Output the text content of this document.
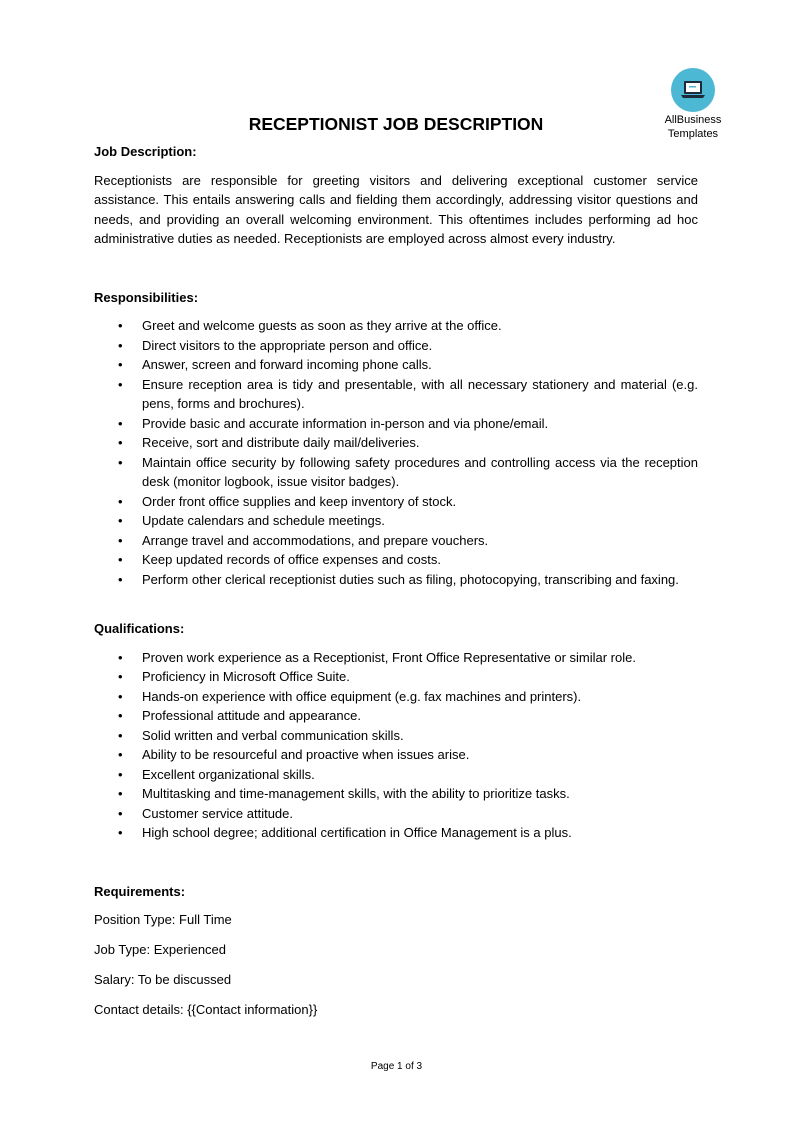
AllBusiness
Templates
RECEPTIONIST JOB DESCRIPTION
Job Description:

Receptionists are responsible for greeting visitors and delivering exceptional customer service assistance. This entails answering calls and fielding them accordingly, addressing visitor questions and needs, and providing an overall welcoming environment. This oftentimes includes performing ad hoc administrative duties as needed. Receptionists are employed across almost every industry.

Responsibilities:
• Greet and welcome guests as soon as they arrive at the office.
• Direct visitors to the appropriate person and office.
• Answer, screen and forward incoming phone calls.
• Ensure reception area is tidy and presentable, with all necessary stationery and material (e.g. pens, forms and brochures).
• Provide basic and accurate information in-person and via phone/email.
• Receive, sort and distribute daily mail/deliveries.
• Maintain office security by following safety procedures and controlling access via the reception desk (monitor logbook, issue visitor badges).
• Order front office supplies and keep inventory of stock.
• Update calendars and schedule meetings.
• Arrange travel and accommodations, and prepare vouchers.
• Keep updated records of office expenses and costs.
• Perform other clerical receptionist duties such as filing, photocopying, transcribing and faxing.
Qualifications:
• Proven work experience as a Receptionist, Front Office Representative or similar role.
• Proficiency in Microsoft Office Suite.
• Hands-on experience with office equipment (e.g. fax machines and printers).
• Professional attitude and appearance.
• Solid written and verbal communication skills.
• Ability to be resourceful and proactive when issues arise.
• Excellent organizational skills.
• Multitasking and time-management skills, with the ability to prioritize tasks.
• Customer service attitude.
• High school degree; additional certification in Office Management is a plus.
Requirements:
Position Type: Full Time
Job Type: Experienced
Salary: To be discussed
Contact details: {{Contact information}}
Page 1 of 3
